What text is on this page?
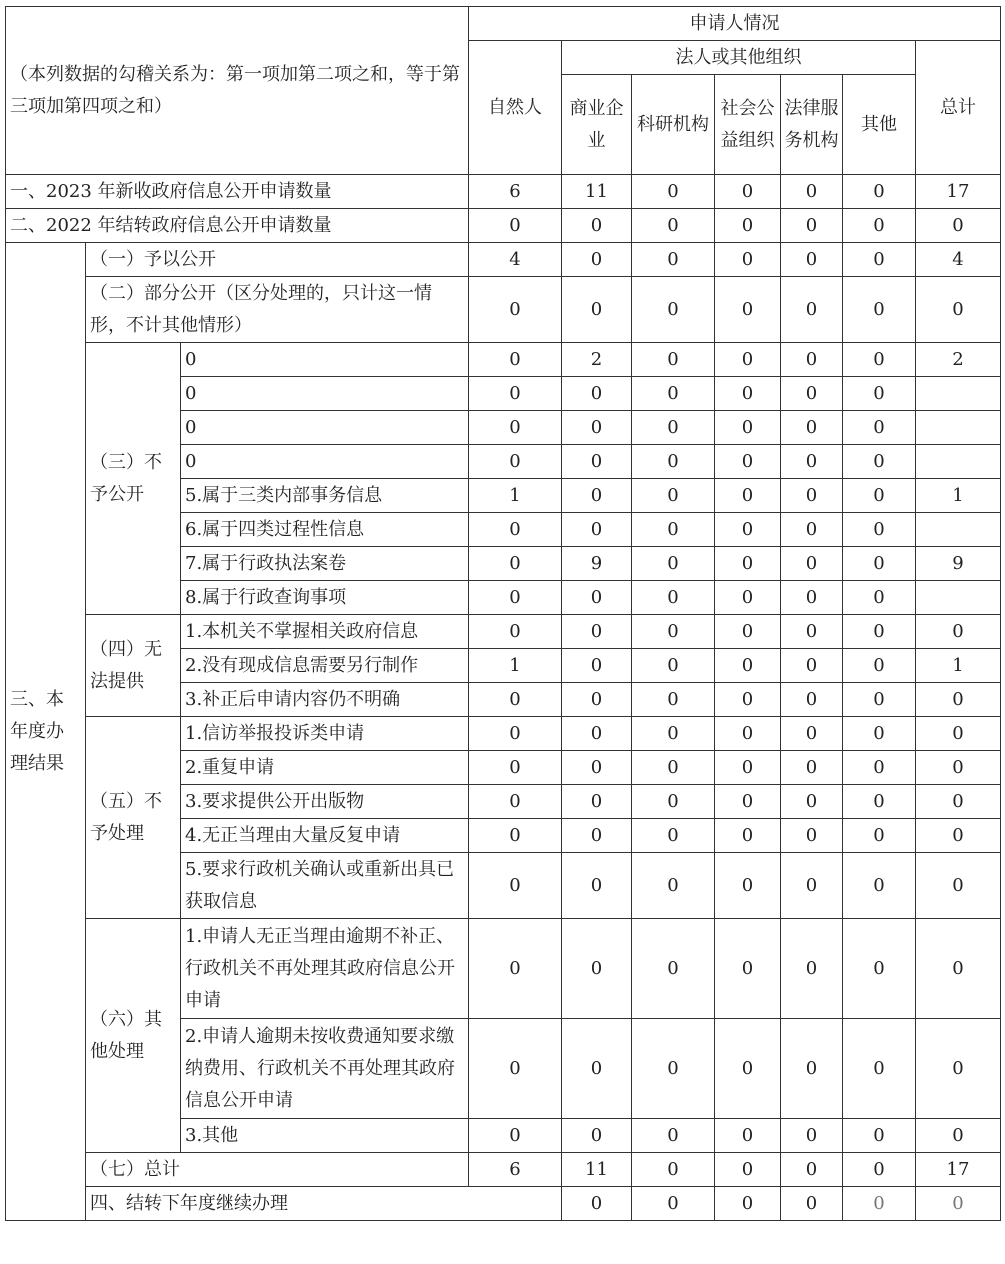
（本列数据的勾稽关系为：第一项加第二项之和，等于第三项加第四项之和）			申请人情况							
			自然人	法人或其他组织					总计	
				商业企业	科研机构	社会公益组织	法律服务机构	其他		

一、2023 年新收政府信息公开申请数量			6	11	0	0	0	0	17	
二、2022 年结转政府信息公开申请数量			0	0	0	0	0	0	0	
三、本年度办理结果	（一）予以公开		4	0	0	0	0	0	4	
	（二）部分公开（区分处理的，只计这一情形，不计其他情形）		0	0	0	0	0	0	0	
	（三）不予公开	0	0	2	0	0	0	0	2	
		0	0	0	0	0	0	0		
		0	0	0	0	0	0	0		
		0	0	0	0	0	0	0		
		5.属于三类内部事务信息	1	0	0	0	0	0	1	
		6.属于四类过程性信息	0	0	0	0	0	0		
		7.属于行政执法案卷	0	9	0	0	0	0	9	
		8.属于行政查询事项	0	0	0	0	0	0		
	（四）无法提供	1.本机关不掌握相关政府信息	0	0	0	0	0	0	0	
		2.没有现成信息需要另行制作	1	0	0	0	0	0	1	
		3.补正后申请内容仍不明确	0	0	0	0	0	0	0	
	（五）不予处理	1.信访举报投诉类申请	0	0	0	0	0	0	0	
		2.重复申请	0	0	0	0	0	0	0	
		3.要求提供公开出版物	0	0	0	0	0	0	0	
		4.无正当理由大量反复申请	0	0	0	0	0	0	0	
		5.要求行政机关确认或重新出具已获取信息	0	0	0	0	0	0	0	
	（六）其他处理	1.申请人无正当理由逾期不补正、行政机关不再处理其政府信息公开申请	0	0	0	0	0	0	0	
		2.申请人逾期未按收费通知要求缴纳费用、行政机关不再处理其政府信息公开申请	0	0	0	0	0	0	0	
		3.其他	0	0	0	0	0	0	0	
	（七）总计		6	11	0	0	0	0	17	
	四、结转下年度继续办理			0	0	0	0	0	0	
